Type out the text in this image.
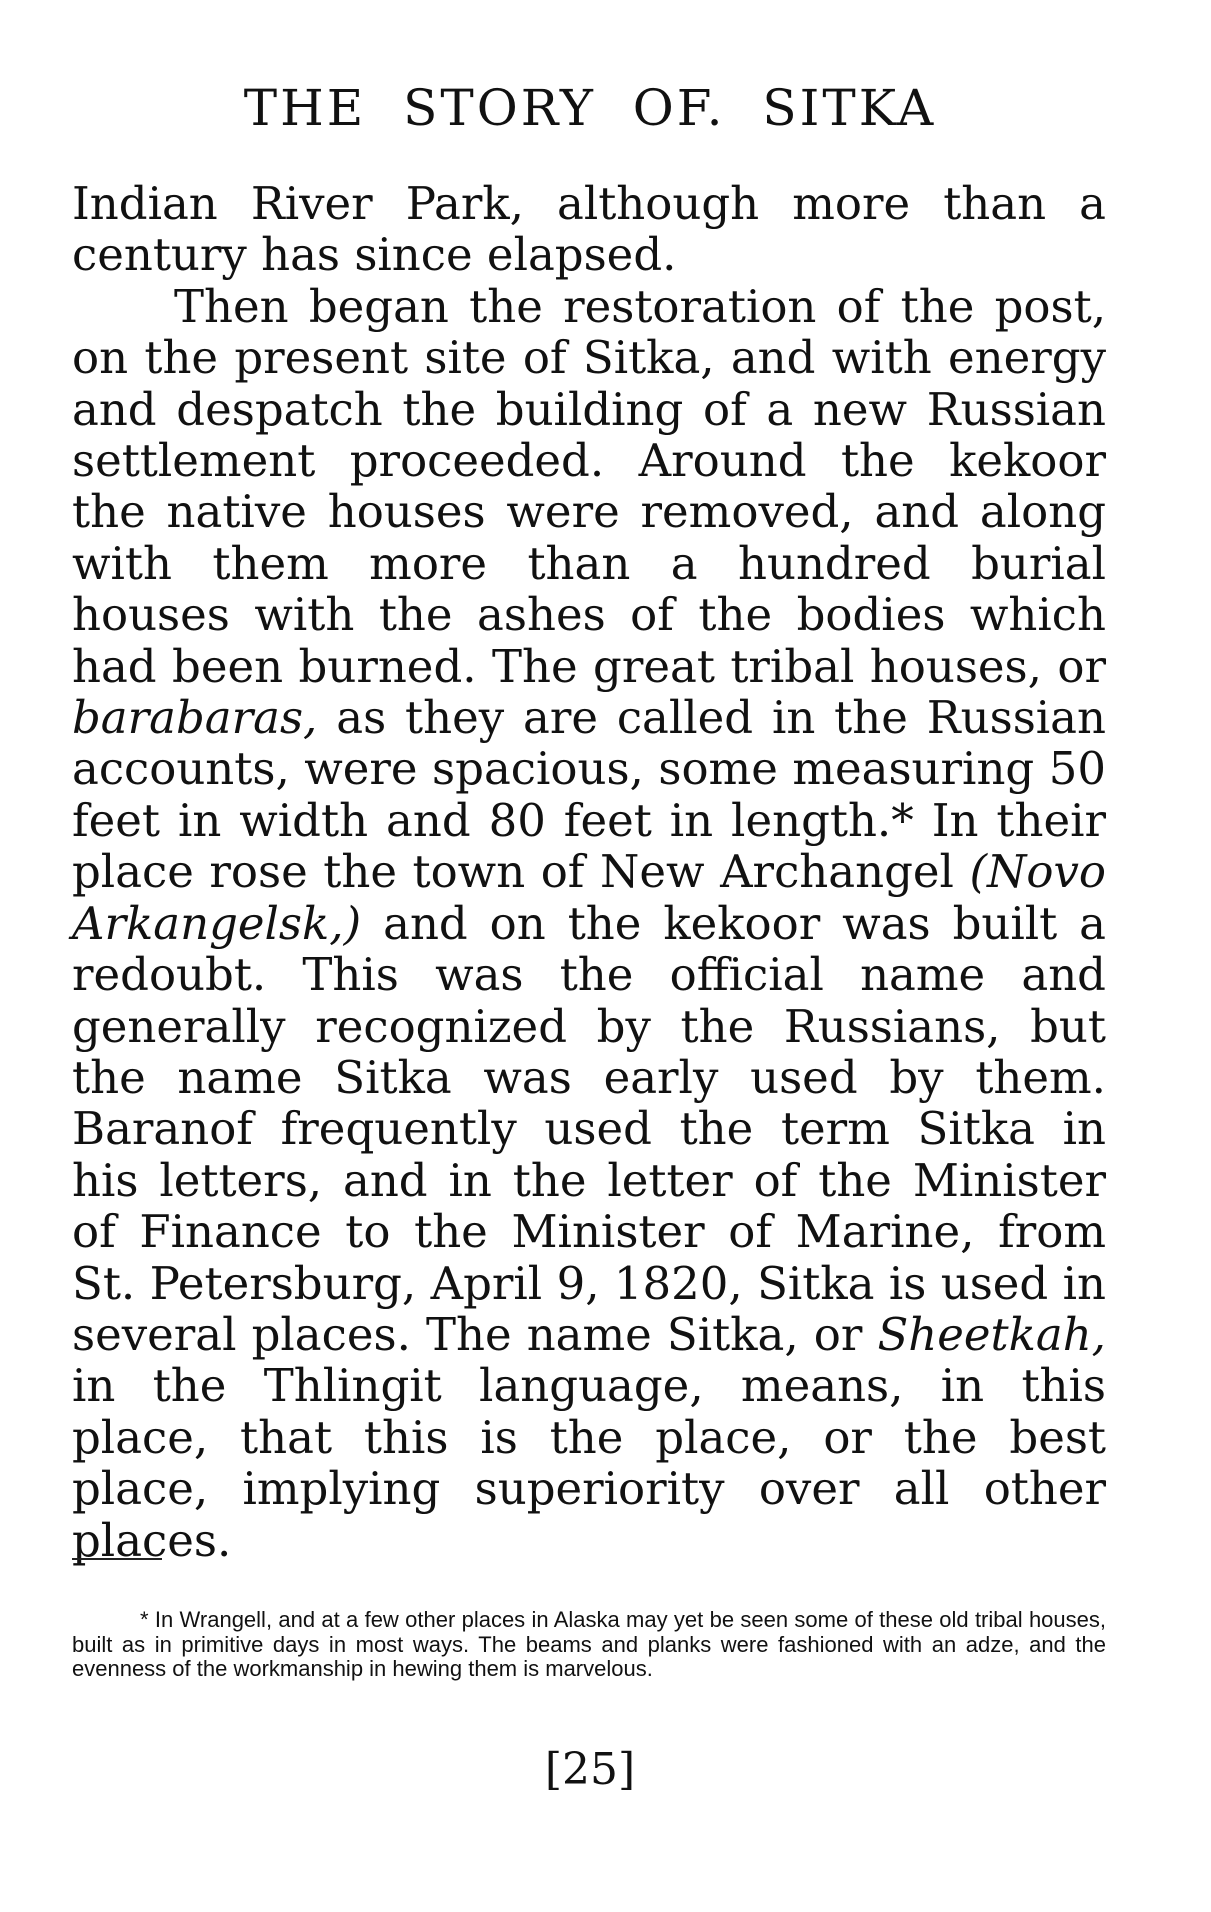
THE STORY OF. SITKA

Indian River Park, although more than a century has since elapsed.

Then began the restoration of the post, on the present site of Sitka, and with energy and despatch the building of a new Russian settlement proceeded. Around the kekoor the native houses were removed, and along with them more than a hundred burial houses with the ashes of the bodies which had been burned. The great tribal houses, or barabaras, as they are called in the Russian accounts, were spacious, some measuring 50 feet in width and 80 feet in length.* In their place rose the town of New Archangel (Novo Arkangelsk,) and on the kekoor was built a redoubt. This was the official name and generally recognized by the Russians, but the name Sitka was early used by them. Baranof frequently used the term Sitka in his letters, and in the letter of the Minister of Finance to the Minister of Marine, from St. Petersburg, April 9, 1820, Sitka is used in several places. The name Sitka, or Sheetkah, in the Thlingit language, means, in this place, that this is the place, or the best place, implying superiority over all other places.

* In Wrangell, and at a few other places in Alaska may yet be seen some of these old tribal houses, built as in primitive days in most ways. The beams and planks were fashioned with an adze, and the evenness of the workmanship in hewing them is marvelous.

[25]
